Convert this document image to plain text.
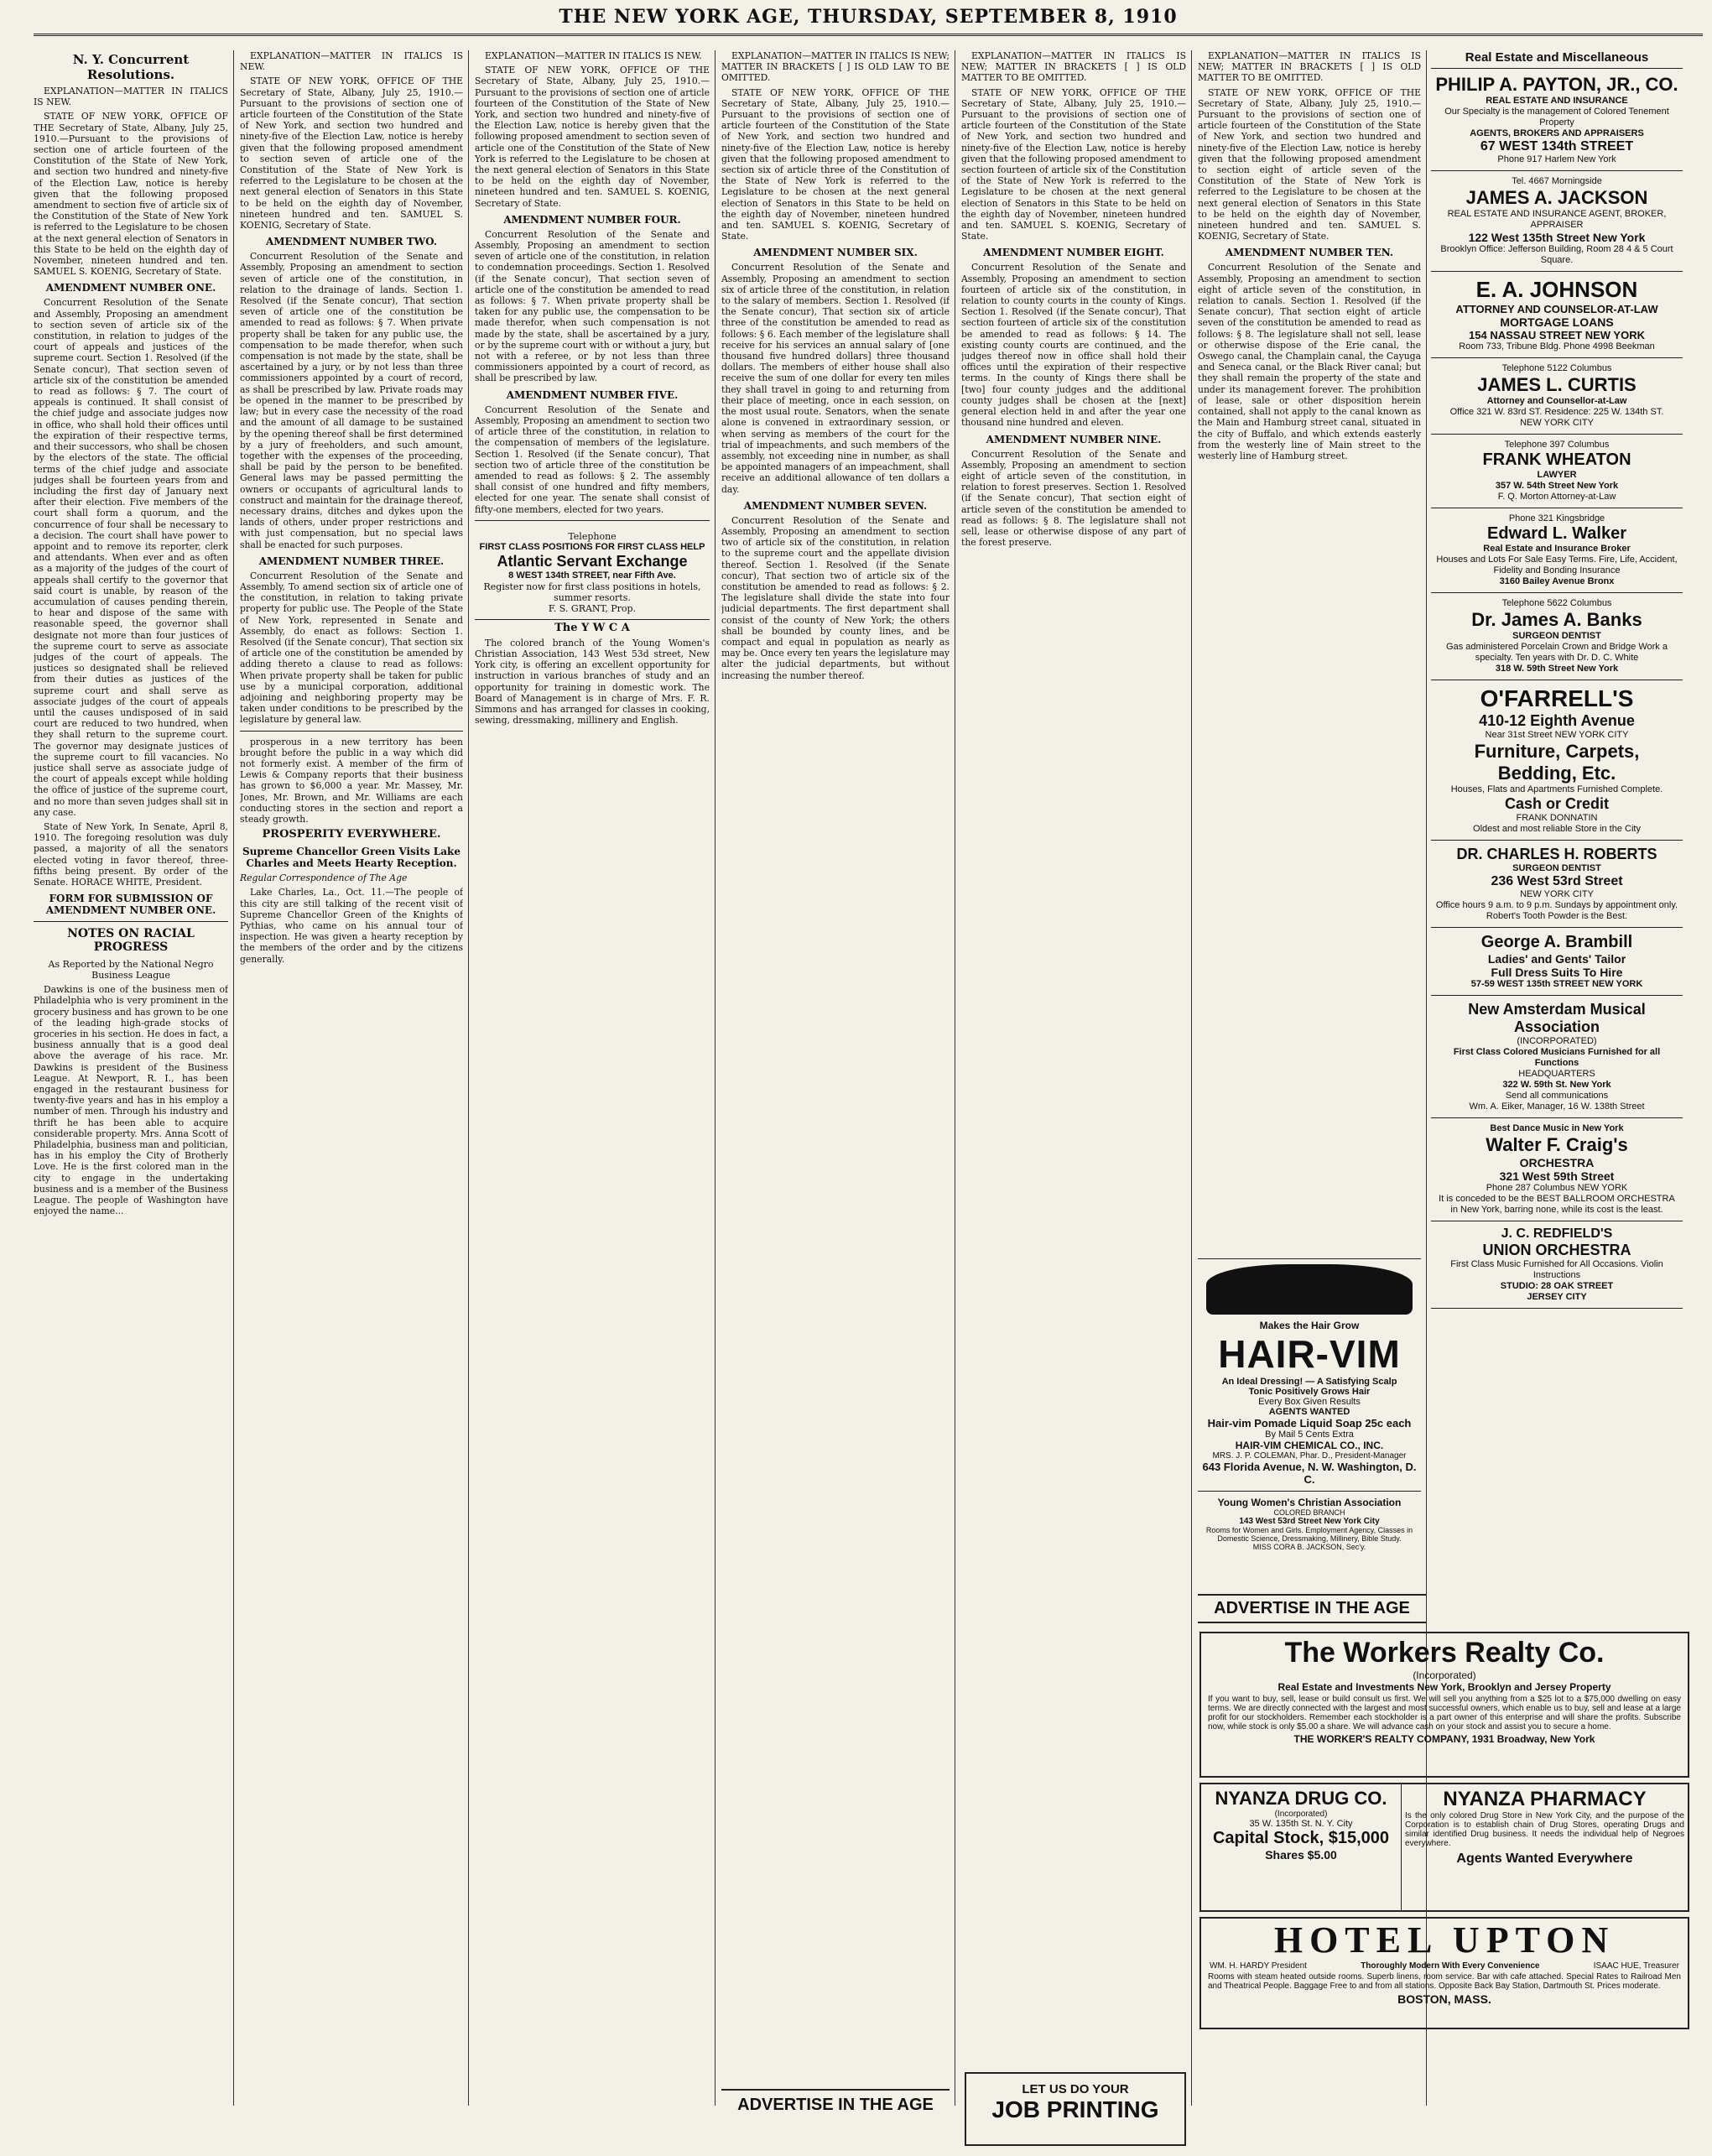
THE NEW YORK AGE, THURSDAY, SEPTEMBER 8, 1910
N. Y. Concurrent Resolutions.

EXPLANATION—MATTER IN ITALICS IS NEW.

STATE OF NEW YORK, OFFICE OF THE Secretary of State, Albany, July 25, 1910.—Pursuant to the provisions of section one of article fourteen of the Constitution of the State of New York, and section two hundred and ninety-five of the Election Law, notice is hereby given that the following proposed amendment to section five of article six of the Constitution of the State of New York is referred to the Legislature to be chosen at the next general election of Senators in this State to be held on the eighth day of November, nineteen hundred and ten. SAMUEL S. KOENIG, Secretary of State.

AMENDMENT NUMBER ONE.

Concurrent Resolution of the Senate and Assembly, Proposing an amendment to section seven of article six of the constitution, in relation to judges of the court of appeals and justices of the supreme court. Section 1. Resolved (if the Senate concur), That section seven of article six of the constitution be amended to read as follows: § 7. The court of appeals is continued. It shall consist of the chief judge and associate judges now in office, who shall hold their offices until the expiration of their respective terms, and their successors, who shall be chosen by the electors of the state. The official terms of the chief judge and associate judges shall be fourteen years from and including the first day of January next after their election. Five members of the court shall form a quorum, and the concurrence of four shall be necessary to a decision. The court shall have power to appoint and to remove its reporter, clerk and attendants. When ever and as often as a majority of the judges of the court of appeals shall certify to the governor that said court is unable, by reason of the accumulation of causes pending therein, to hear and dispose of the same with reasonable speed, the governor shall designate not more than four justices of the supreme court to serve as associate judges of the court of appeals. The justices so designated shall be relieved from their duties as justices of the supreme court and shall serve as associate judges of the court of appeals until the causes undisposed of in said court are reduced to two hundred, when they shall return to the supreme court. The governor may designate justices of the supreme court to fill vacancies. No justice shall serve as associate judge of the court of appeals except while holding the office of justice of the supreme court, and no more than seven judges shall sit in any case.

State of New York, In Senate, April 8, 1910. The foregoing resolution was duly passed, a majority of all the senators elected voting in favor thereof, three-fifths being present. By order of the Senate. HORACE WHITE, President.

FORM FOR SUBMISSION OF AMENDMENT NUMBER ONE.
NOTES ON RACIAL PROGRESS
As Reported by the National Negro Business League

Dawkins is one of the business men of Philadelphia who is very prominent in the grocery business and has grown to be one of the leading high-grade stocks of groceries in his section. He does in fact, a business annually that is a good deal above the average of his race. Mr. Dawkins is president of the Business League. At Newport, R. I., has been engaged in the restaurant business for twenty-five years and has in his employ a number of men. Through his industry and thrift he has been able to acquire considerable property. Mrs. Anna Scott of Philadelphia, business man and politician, has in his employ the City of Brotherly Love. He is the first colored man in the city to engage in the undertaking business and is a member of the Business League. The people of Washington have enjoyed the name...

EXPLANATION—MATTER IN ITALICS IS NEW.

STATE OF NEW YORK, OFFICE OF THE Secretary of State, Albany, July 25, 1910.—Pursuant to the provisions of section one of article fourteen of the Constitution of the State of New York, and section two hundred and ninety-five of the Election Law, notice is hereby given that the following proposed amendment to section seven of article one of the Constitution of the State of New York is referred to the Legislature to be chosen at the next general election of Senators in this State to be held on the eighth day of November, nineteen hundred and ten. SAMUEL S. KOENIG, Secretary of State.

AMENDMENT NUMBER TWO.

Concurrent Resolution of the Senate and Assembly, Proposing an amendment to section seven of article one of the constitution, in relation to the drainage of lands. Section 1. Resolved (if the Senate concur), That section seven of article one of the constitution be amended to read as follows: § 7. When private property shall be taken for any public use, the compensation to be made therefor, when such compensation is not made by the state, shall be ascertained by a jury, or by not less than three commissioners appointed by a court of record, as shall be prescribed by law. Private roads may be opened in the manner to be prescribed by law; but in every case the necessity of the road and the amount of all damage to be sustained by the opening thereof shall be first determined by a jury of freeholders, and such amount, together with the expenses of the proceeding, shall be paid by the person to be benefited. General laws may be passed permitting the owners or occupants of agricultural lands to construct and maintain for the drainage thereof, necessary drains, ditches and dykes upon the lands of others, under proper restrictions and with just compensation, but no special laws shall be enacted for such purposes.

AMENDMENT NUMBER THREE.

Concurrent Resolution of the Senate and Assembly, To amend section six of article one of the constitution, in relation to taking private property for public use. The People of the State of New York, represented in Senate and Assembly, do enact as follows: Section 1. Resolved (if the Senate concur), That section six of article one of the constitution be amended by adding thereto a clause to read as follows: When private property shall be taken for public use by a municipal corporation, additional adjoining and neighboring property may be taken under conditions to be prescribed by the legislature by general law.

prosperous in a new territory has been brought before the public in a way which did not formerly exist. A member of the firm of Lewis & Company reports that their business has grown to $6,000 a year. Mr. Massey, Mr. Jones, Mr. Brown, and Mr. Williams are each conducting stores in the section and report a steady growth.

PROSPERITY EVERYWHERE.
Supreme Chancellor Green Visits Lake Charles and Meets Hearty Reception.

Regular Correspondence of The Age

Lake Charles, La., Oct. 11.—The people of this city are still talking of the recent visit of Supreme Chancellor Green of the Knights of Pythias, who came on his annual tour of inspection. He was given a hearty reception by the members of the order and by the citizens generally.

EXPLANATION—MATTER IN ITALICS IS NEW.

STATE OF NEW YORK, OFFICE OF THE Secretary of State, Albany, July 25, 1910.—Pursuant to the provisions of section one of article fourteen of the Constitution of the State of New York, and section two hundred and ninety-five of the Election Law, notice is hereby given that the following proposed amendment to section seven of article one of the Constitution of the State of New York is referred to the Legislature to be chosen at the next general election of Senators in this State to be held on the eighth day of November, nineteen hundred and ten. SAMUEL S. KOENIG, Secretary of State.

AMENDMENT NUMBER FOUR.

Concurrent Resolution of the Senate and Assembly, Proposing an amendment to section seven of article one of the constitution, in relation to condemnation proceedings. Section 1. Resolved (if the Senate concur), That section seven of article one of the constitution be amended to read as follows: § 7. When private property shall be taken for any public use, the compensation to be made therefor, when such compensation is not made by the state, shall be ascertained by a jury, or by the supreme court with or without a jury, but not with a referee, or by not less than three commissioners appointed by a court of record, as shall be prescribed by law.

AMENDMENT NUMBER FIVE.

Concurrent Resolution of the Senate and Assembly, Proposing an amendment to section two of article three of the constitution, in relation to the compensation of members of the legislature. Section 1. Resolved (if the Senate concur), That section two of article three of the constitution be amended to read as follows: § 2. The assembly shall consist of one hundred and fifty members, elected for one year. The senate shall consist of fifty-one members, elected for two years.

Telephone
FIRST CLASS POSITIONS FOR FIRST CLASS HELP
Atlantic Servant Exchange
8 WEST 134th STREET, near Fifth Ave.
Register now for first class positions in hotels, summer resorts.
F. S. GRANT, Prop.
The Y W C A

The colored branch of the Young Women's Christian Association, 143 West 53d street, New York city, is offering an excellent opportunity for instruction in various branches of study and an opportunity for training in domestic work. The Board of Management is in charge of Mrs. F. R. Simmons and has arranged for classes in cooking, sewing, dressmaking, millinery and English.

EXPLANATION—MATTER IN ITALICS IS NEW; MATTER IN BRACKETS [ ] IS OLD LAW TO BE OMITTED.

STATE OF NEW YORK, OFFICE OF THE Secretary of State, Albany, July 25, 1910.—Pursuant to the provisions of section one of article fourteen of the Constitution of the State of New York, and section two hundred and ninety-five of the Election Law, notice is hereby given that the following proposed amendment to section six of article three of the Constitution of the State of New York is referred to the Legislature to be chosen at the next general election of Senators in this State to be held on the eighth day of November, nineteen hundred and ten. SAMUEL S. KOENIG, Secretary of State.

AMENDMENT NUMBER SIX.

Concurrent Resolution of the Senate and Assembly, Proposing an amendment to section six of article three of the constitution, in relation to the salary of members. Section 1. Resolved (if the Senate concur), That section six of article three of the constitution be amended to read as follows: § 6. Each member of the legislature shall receive for his services an annual salary of [one thousand five hundred dollars] three thousand dollars. The members of either house shall also receive the sum of one dollar for every ten miles they shall travel in going to and returning from their place of meeting, once in each session, on the most usual route. Senators, when the senate alone is convened in extraordinary session, or when serving as members of the court for the trial of impeachments, and such members of the assembly, not exceeding nine in number, as shall be appointed managers of an impeachment, shall receive an additional allowance of ten dollars a day.

AMENDMENT NUMBER SEVEN.

Concurrent Resolution of the Senate and Assembly, Proposing an amendment to section two of article six of the constitution, in relation to the supreme court and the appellate division thereof. Section 1. Resolved (if the Senate concur), That section two of article six of the constitution be amended to read as follows: § 2. The legislature shall divide the state into four judicial departments. The first department shall consist of the county of New York; the others shall be bounded by county lines, and be compact and equal in population as nearly as may be. Once every ten years the legislature may alter the judicial departments, but without increasing the number thereof.

ADVERTISE IN THE AGE

EXPLANATION—MATTER IN ITALICS IS NEW; MATTER IN BRACKETS [ ] IS OLD MATTER TO BE OMITTED.

STATE OF NEW YORK, OFFICE OF THE Secretary of State, Albany, July 25, 1910.—Pursuant to the provisions of section one of article fourteen of the Constitution of the State of New York, and section two hundred and ninety-five of the Election Law, notice is hereby given that the following proposed amendment to section fourteen of article six of the Constitution of the State of New York is referred to the Legislature to be chosen at the next general election of Senators in this State to be held on the eighth day of November, nineteen hundred and ten. SAMUEL S. KOENIG, Secretary of State.

AMENDMENT NUMBER EIGHT.

Concurrent Resolution of the Senate and Assembly, Proposing an amendment to section fourteen of article six of the constitution, in relation to county courts in the county of Kings. Section 1. Resolved (if the Senate concur), That section fourteen of article six of the constitution be amended to read as follows: § 14. The existing county courts are continued, and the judges thereof now in office shall hold their offices until the expiration of their respective terms. In the county of Kings there shall be [two] four county judges and the additional county judges shall be chosen at the [next] general election held in and after the year one thousand nine hundred and eleven.

AMENDMENT NUMBER NINE.

Concurrent Resolution of the Senate and Assembly, Proposing an amendment to section eight of article seven of the constitution, in relation to forest preserves. Section 1. Resolved (if the Senate concur), That section eight of article seven of the constitution be amended to read as follows: § 8. The legislature shall not sell, lease or otherwise dispose of any part of the forest preserve.

LET US DO YOUR
JOB PRINTING

EXPLANATION—MATTER IN ITALICS IS NEW; MATTER IN BRACKETS [ ] IS OLD MATTER TO BE OMITTED.

STATE OF NEW YORK, OFFICE OF THE Secretary of State, Albany, July 25, 1910.—Pursuant to the provisions of section one of article fourteen of the Constitution of the State of New York, and section two hundred and ninety-five of the Election Law, notice is hereby given that the following proposed amendment to section eight of article seven of the Constitution of the State of New York is referred to the Legislature to be chosen at the next general election of Senators in this State to be held on the eighth day of November, nineteen hundred and ten. SAMUEL S. KOENIG, Secretary of State.

AMENDMENT NUMBER TEN.

Concurrent Resolution of the Senate and Assembly, Proposing an amendment to section eight of article seven of the constitution, in relation to canals. Section 1. Resolved (if the Senate concur), That section eight of article seven of the constitution be amended to read as follows: § 8. The legislature shall not sell, lease or otherwise dispose of the Erie canal, the Oswego canal, the Champlain canal, the Cayuga and Seneca canal, or the Black River canal; but they shall remain the property of the state and under its management forever. The prohibition of lease, sale or other disposition herein contained, shall not apply to the canal known as the Main and Hamburg street canal, situated in the city of Buffalo, and which extends easterly from the westerly line of Main street to the westerly line of Hamburg street.

Makes the Hair Grow
HAIR-VIM
An Ideal Dressing! — A Satisfying Scalp
Tonic Positively Grows Hair
Every Box Given Results
AGENTS WANTED
Hair-vim Pomade Liquid Soap 25c each
By Mail 5 Cents Extra
HAIR-VIM CHEMICAL CO., INC.
MRS. J. P. COLEMAN, Phar. D., President-Manager
643 Florida Avenue, N. W. Washington, D. C.
Young Women's Christian Association
COLORED BRANCH
143 West 53rd Street New York City
Rooms for Women and Girls. Employment Agency, Classes in Domestic Science, Dressmaking, Millinery, Bible Study.
MISS CORA B. JACKSON, Sec'y.
ADVERTISE IN THE AGE
Real Estate and Miscellaneous
PHILIP A. PAYTON, JR., CO.
REAL ESTATE AND INSURANCE
Our Specialty is the management of Colored Tenement Property
AGENTS, BROKERS AND APPRAISERS
67 WEST 134th STREET
Phone 917 Harlem New York
Tel. 4667 Morningside
JAMES A. JACKSON
REAL ESTATE AND INSURANCE AGENT, BROKER, APPRAISER
122 West 135th Street New York
Brooklyn Office: Jefferson Building, Room 28 4 & 5 Court Square.
E. A. JOHNSON
ATTORNEY AND COUNSELOR-AT-LAW
MORTGAGE LOANS
154 NASSAU STREET NEW YORK
Room 733, Tribune Bldg. Phone 4998 Beekman
Telephone 5122 Columbus
JAMES L. CURTIS
Attorney and Counsellor-at-Law
Office 321 W. 83rd ST. Residence: 225 W. 134th ST.
NEW YORK CITY
Telephone 397 Columbus
FRANK WHEATON
LAWYER
357 W. 54th Street New York
F. Q. Morton Attorney-at-Law
Phone 321 Kingsbridge
Edward L. Walker
Real Estate and Insurance Broker
Houses and Lots For Sale Easy Terms. Fire, Life, Accident, Fidelity and Bonding Insurance
3160 Bailey Avenue Bronx
Telephone 5622 Columbus
Dr. James A. Banks
SURGEON DENTIST
Gas administered Porcelain Crown and Bridge Work a specialty. Ten years with Dr. D. C. White
318 W. 59th Street New York
O'FARRELL'S
410-12 Eighth Avenue
Near 31st Street NEW YORK CITY
Furniture, Carpets, Bedding, Etc.
Houses, Flats and Apartments Furnished Complete.
Cash or Credit
FRANK DONNATIN
Oldest and most reliable Store in the City
DR. CHARLES H. ROBERTS
SURGEON DENTIST
236 West 53rd Street
NEW YORK CITY
Office hours 9 a.m. to 9 p.m. Sundays by appointment only.
Robert's Tooth Powder is the Best.
George A. Brambill
Ladies' and Gents' Tailor
Full Dress Suits To Hire
57-59 WEST 135th STREET NEW YORK
New Amsterdam Musical Association
(INCORPORATED)
First Class Colored Musicians Furnished for all Functions
HEADQUARTERS
322 W. 59th St. New York
Send all communications
Wm. A. Eiker, Manager, 16 W. 138th Street
Best Dance Music in New York
Walter F. Craig's
ORCHESTRA
321 West 59th Street
Phone 287 Columbus NEW YORK
It is conceded to be the BEST BALLROOM ORCHESTRA in New York, barring none, while its cost is the least.
J. C. REDFIELD'S
UNION ORCHESTRA
First Class Music Furnished for All Occasions. Violin Instructions
STUDIO: 28 OAK STREET
JERSEY CITY
The Workers Realty Co.
(Incorporated)
Real Estate and Investments New York, Brooklyn and Jersey Property
If you want to buy, sell, lease or build consult us first. We will sell you anything from a $25 lot to a $75,000 dwelling on easy terms. We are directly connected with the largest and most successful owners, which enable us to buy, sell and lease at a large profit for our stockholders. Remember each stockholder is a part owner of this enterprise and will share the profits. Subscribe now, while stock is only $5.00 a share. We will advance cash on your stock and assist you to secure a home.
THE WORKER'S REALTY COMPANY, 1931 Broadway, New York
NYANZA DRUG CO.
(Incorporated)
35 W. 135th St. N. Y. City
Capital Stock, $15,000
Shares $5.00
NYANZA PHARMACY
Is the only colored Drug Store in New York City, and the purpose of the Corporation is to establish chain of Drug Stores, operating Drugs and similar identified Drug business. It needs the individual help of Negroes everywhere.
Agents Wanted Everywhere
HOTEL UPTON
WM. H. HARDY President	Thoroughly Modern With Every Convenience	ISAAC HUE, Treasurer
Rooms with steam heated outside rooms. Superb linens, room service. Bar with cafe attached. Special Rates to Railroad Men and Theatrical People. Baggage Free to and from all stations. Opposite Back Bay Station, Dartmouth St. Prices moderate.
BOSTON, MASS.
